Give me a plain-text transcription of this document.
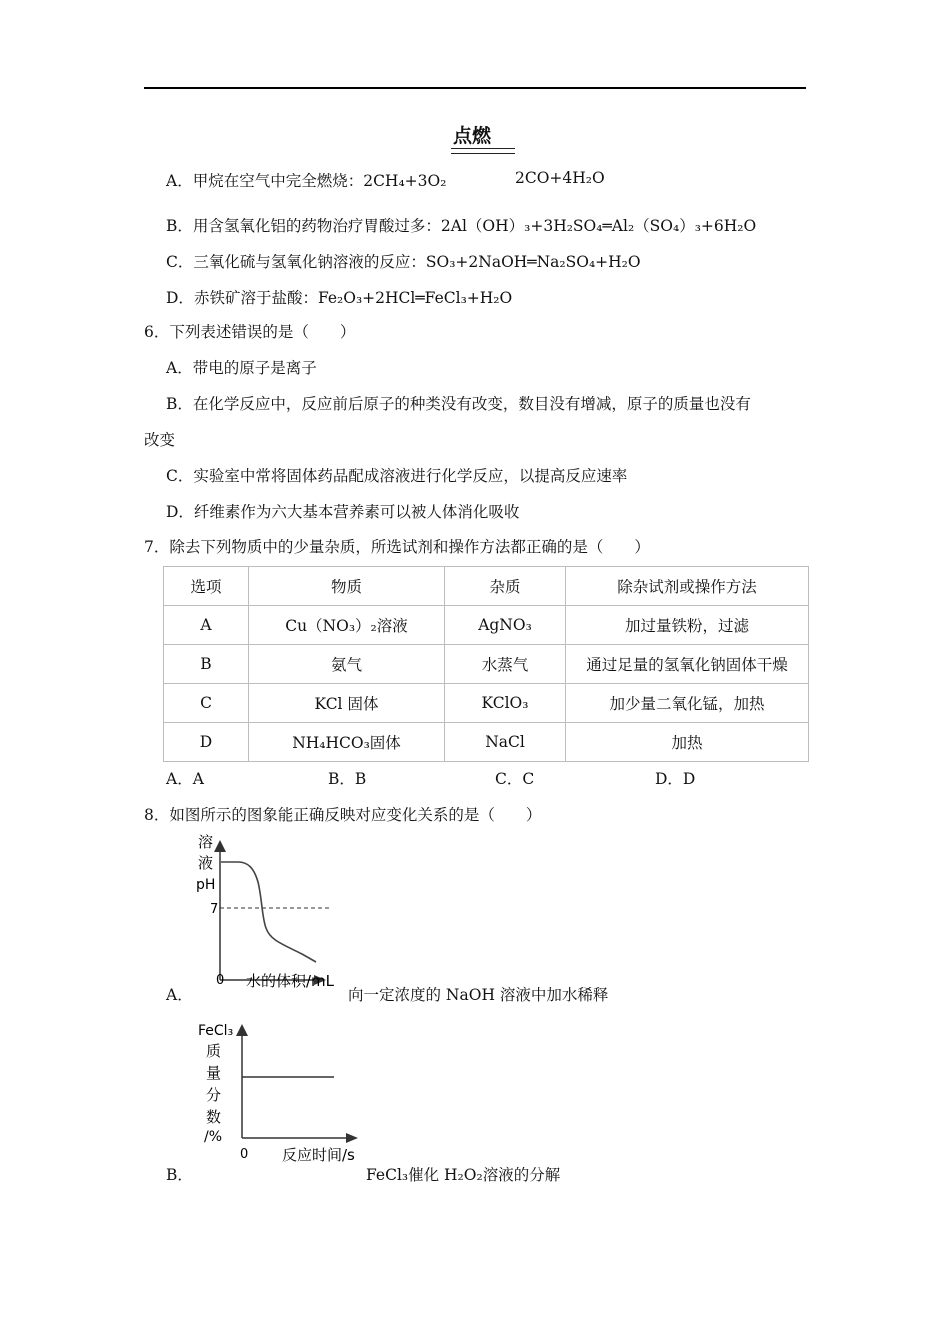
点燃
A．甲烷在空气中完全燃烧：2CH₄+3O₂	2CO+4H₂O
B．用含氢氧化铝的药物治疗胃酸过多：2Al（OH）₃+3H₂SO₄═Al₂（SO₄）₃+6H₂O
C．三氧化硫与氢氧化钠溶液的反应：SO₃+2NaOH═Na₂SO₄+H₂O
D．赤铁矿溶于盐酸：Fe₂O₃+2HCl═FeCl₃+H₂O
6．下列表述错误的是（　　）
A．带电的原子是离子
B．在化学反应中，反应前后原子的种类没有改变，数目没有增减，原子的质量也没有
改变
C．实验室中常将固体药品配成溶液进行化学反应，以提高反应速率
D．纤维素作为六大基本营养素可以被人体消化吸收
7．除去下列物质中的少量杂质，所选试剂和操作方法都正确的是（　　）
选项	物质	杂质	除杂试剂或操作方法
A	Cu（NO₃）₂溶液	AgNO₃	加过量铁粉，过滤
B	氨气	水蒸气	通过足量的氢氧化钠固体干燥
C	KCl 固体	KClO₃	加少量二氧化锰，加热
D	NH₄HCO₃固体	NaCl	加热
A．A	B．B	C．C	D．D
8．如图所示的图象能正确反映对应变化关系的是（　　）
溶
液
pH
7
0 水的体积/mL
A．	向一定浓度的 NaOH 溶液中加水稀释
FeCl₃
质
量
分
数
/%
0 反应时间/s
B．	FeCl₃催化 H₂O₂溶液的分解
